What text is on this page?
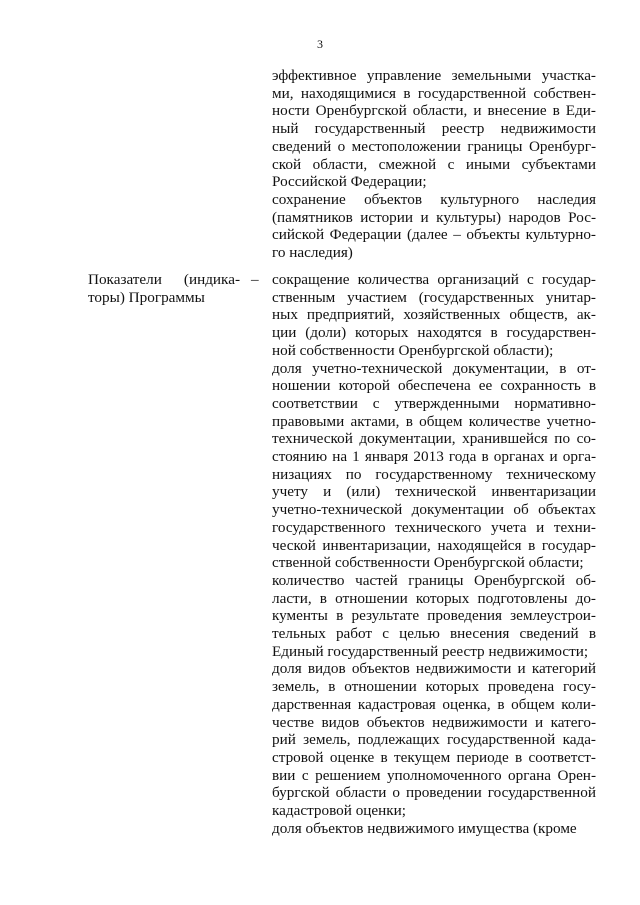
3

эффективное управление земельными участка-
ми, находящимися в государственной собствен-
ности Оренбургской области, и внесение в Еди-
ный государственный реестр недвижимости
сведений о местоположении границы Оренбург-
ской области, смежной с иными субъектами
Российской Федерации;

сохранение объектов культурного наследия
(памятников истории и культуры) народов Рос-
сийской Федерации (далее – объекты культурно-
го наследия)

Показатели (индика-
торы) Программы
– сокращение количества организаций с государ-
ственным участием (государственных унитар-
ных предприятий, хозяйственных обществ, ак-
ции (доли) которых находятся в государствен-
ной собственности Оренбургской области);

доля учетно-технической документации, в от-
ношении которой обеспечена ее сохранность в
соответствии с утвержденными нормативно-
правовыми актами, в общем количестве учетно-
технической документации, хранившейся по со-
стоянию на 1 января 2013 года в органах и орга-
низациях по государственному техническому
учету и (или) технической инвентаризации
учетно-технической документации об объектах
государственного технического учета и техни-
ческой инвентаризации, находящейся в государ-
ственной собственности Оренбургской области;

количество частей границы Оренбургской об-
ласти, в отношении которых подготовлены до-
кументы в результате проведения землеустрои-
тельных работ с целью внесения сведений в
Единый государственный реестр недвижимости;

доля видов объектов недвижимости и категорий
земель, в отношении которых проведена госу-
дарственная кадастровая оценка, в общем коли-
честве видов объектов недвижимости и катего-
рий земель, подлежащих государственной када-
стровой оценке в текущем периоде в соответст-
вии с решением уполномоченного органа Орен-
бургской области о проведении государственной
кадастровой оценки;

доля объектов недвижимого имущества (кроме
